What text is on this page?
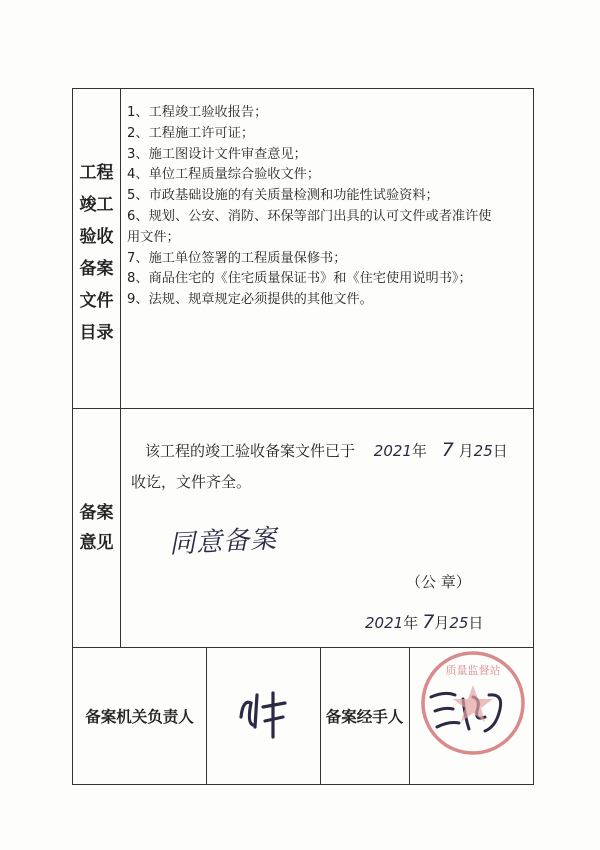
工程
竣工
验收
备案
文件
目录
1、工程竣工验收报告；
2、工程施工许可证；
3、施工图设计文件审查意见；
4、单位工程质量综合验收文件；
5、市政基础设施的有关质量检测和功能性试验资料；
6、规划、公安、消防、环保等部门出具的认可文件或者准许使
用文件；
7、施工单位签署的工程质量保修书；
8、商品住宅的《住宅质量保证书》和《住宅使用说明书》；
9、法规、规章规定必须提供的其他文件。
备案
意见
该工程的竣工验收备案文件已于 2021年 7 月25日
收讫，文件齐全。
同意备案
（公 章）
2021年 7月25日
备案机关负责人	备案经手人
质量监督站
